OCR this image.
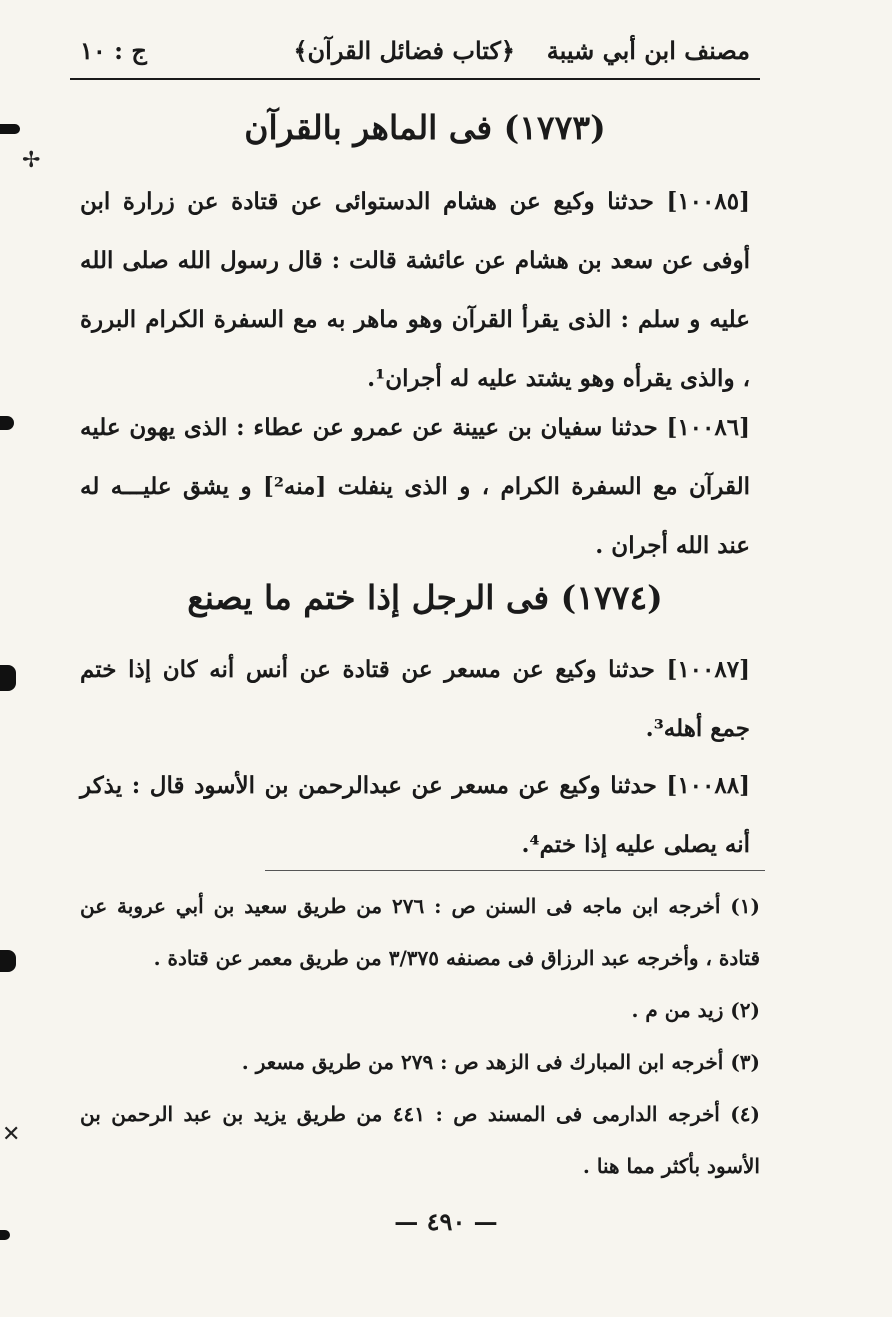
مصنف ابن أبي شيبة
﴿كتاب فضائل القرآن﴾
ج : ١٠
(١٧٧٣) فى الماهر بالقرآن
[١٠٠٨٥] حدثنا وكيع عن هشام الدستوائى عن قتادة عن زرارة ابن أوفى عن سعد بن هشام عن عائشة قالت : قال رسول الله صلى الله عليه و سلم : الذى يقرأ القرآن وهو ماهر به مع السفرة الكرام البررة ، والذى يقرأه وهو يشتد عليه له أجران¹.
[١٠٠٨٦] حدثنا سفيان بن عيينة عن عمرو عن عطاء : الذى يهون عليه القرآن مع السفرة الكرام ، و الذى ينفلت [منه²] و يشق عليـــه له عند الله أجران .
(١٧٧٤) فى الرجل إذا ختم ما يصنع
[١٠٠٨٧] حدثنا وكيع عن مسعر عن قتادة عن أنس أنه كان إذا ختم جمع أهله³.
[١٠٠٨٨] حدثنا وكيع عن مسعر عن عبدالرحمن بن الأسود قال : يذكر أنه يصلى عليه إذا ختم⁴.
(١) أخرجه ابن ماجه فى السنن ص : ٢٧٦ من طريق سعيد بن أبي عروبة عن قتادة ، وأخرجه عبد الرزاق فى مصنفه ٣/٣٧٥ من طريق معمر عن قتادة .
(٢) زيد من م .
(٣) أخرجه ابن المبارك فى الزهد ص : ٢٧٩ من طريق مسعر .
(٤) أخرجه الدارمى فى المسند ص : ٤٤١ من طريق يزيد بن عبد الرحمن بن الأسود بأكثر مما هنا .
— ٤٩٠ —
✢
✕
